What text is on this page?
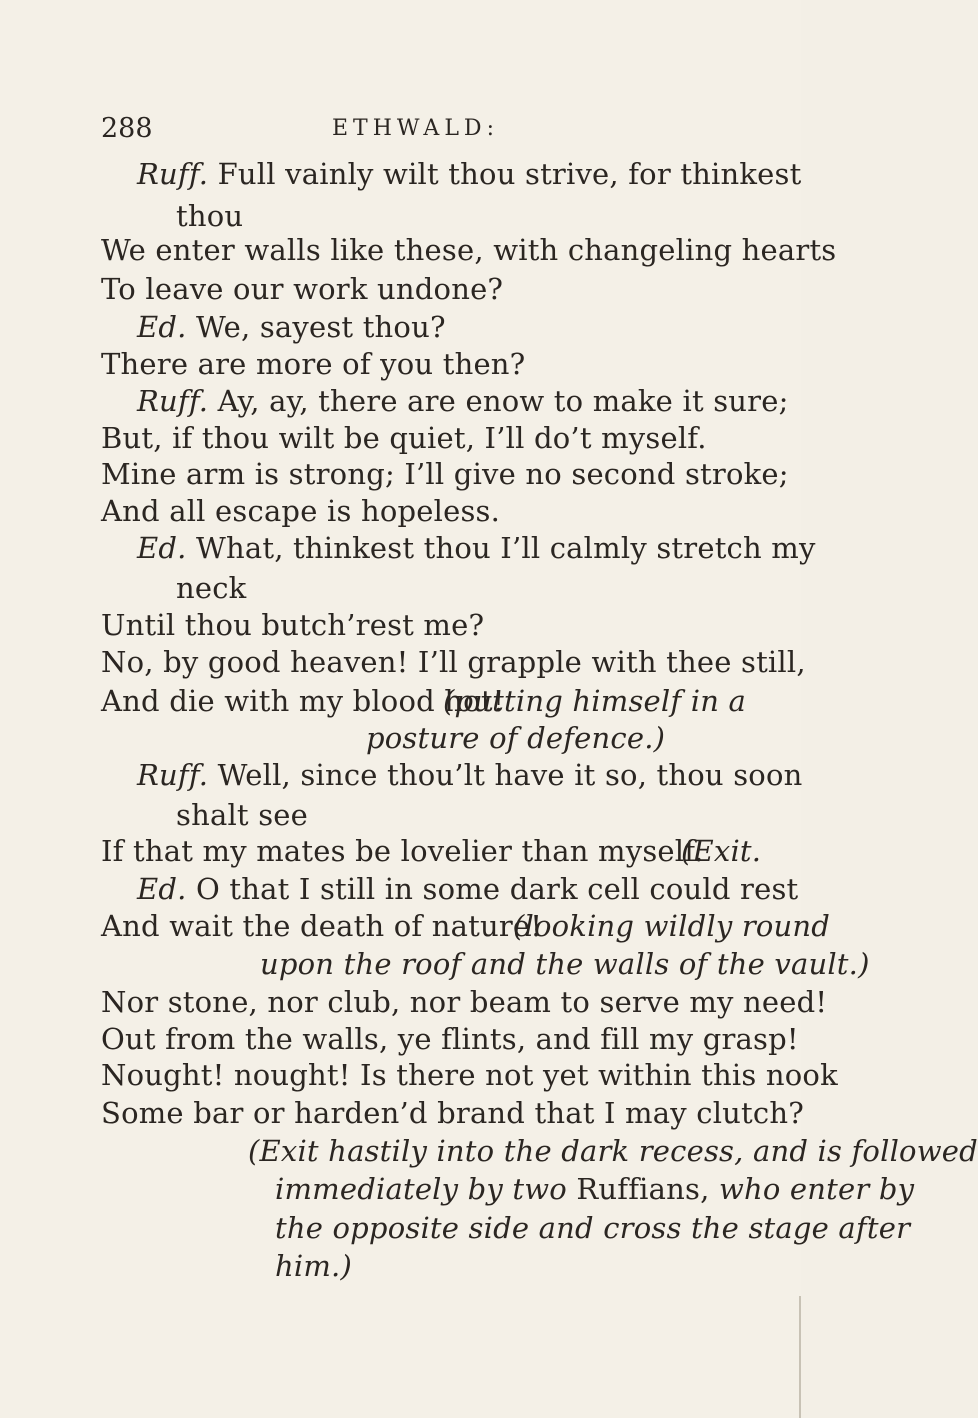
288	ETHWALD:
Ruff. Full vainly wilt thou strive, for thinkest
thou
We enter walls like these, with changeling hearts
To leave our work undone?
Ed. We, sayest thou?
There are more of you then?
Ruff. Ay, ay, there are enow to make it sure;
But, if thou wilt be quiet, I’ll do’t myself.
Mine arm is strong; I’ll give no second stroke;
And all escape is hopeless.
Ed. What, thinkest thou I’ll calmly stretch my
neck
Until thou butch’rest me?
No, by good heaven! I’ll grapple with thee still,
And die with my blood hot!
(putting himself in a
posture of defence.)
Ruff. Well, since thou’lt have it so, thou soon
shalt see
If that my mates be lovelier than myself.
(Exit.
Ed. O that I still in some dark cell could rest
And wait the death of nature!
(looking wildly round
upon the roof and the walls of the vault.)
Nor stone, nor club, nor beam to serve my need!
Out from the walls, ye flints, and fill my grasp!
Nought! nought! Is there not yet within this nook
Some bar or harden’d brand that I may clutch?
(Exit hastily into the dark recess, and is followed
immediately by two Ruffians, who enter by
the opposite side and cross the stage after
him.)
